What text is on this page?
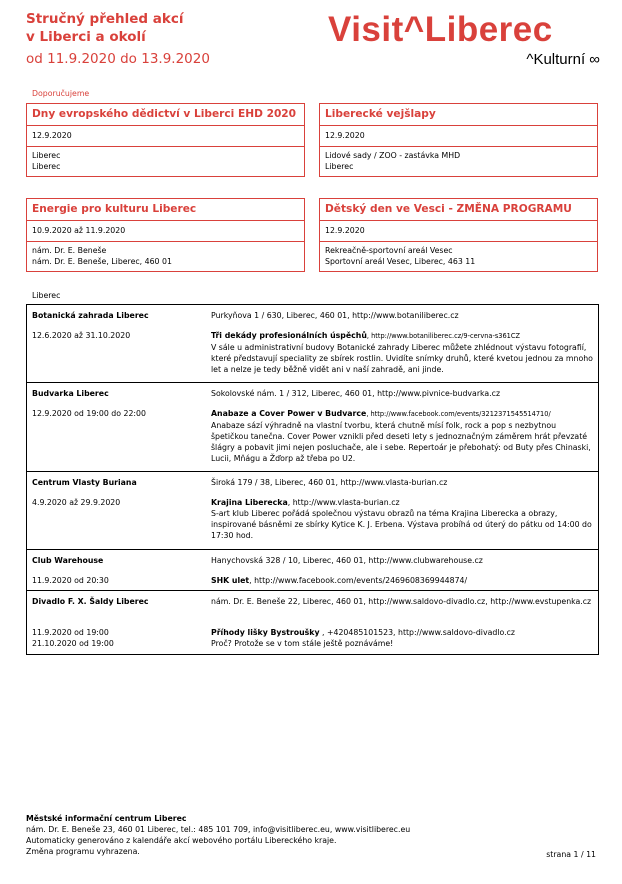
Stručný přehled akcí
v Liberci a okolí
od 11.9.2020 do 13.9.2020
Visit^Liberec
^Kulturní ∞
Doporučujeme
Dny evropského dědictví v Liberci EHD 2020
12.9.2020
Liberec
Liberec
Liberecké vejšlapy
12.9.2020
Lidové sady / ZOO - zastávka MHD
Liberec
Energie pro kulturu Liberec
10.9.2020 až 11.9.2020
nám. Dr. E. Beneše
nám. Dr. E. Beneše, Liberec, 460 01
Dětský den ve Vesci - ZMĚNA PROGRAMU
12.9.2020
Rekreačně-sportovní areál Vesec
Sportovní areál Vesec, Liberec, 463 11
Liberec
Botanická zahrada Liberec
12.6.2020 až 31.10.2020
Purkyňova 1 / 630, Liberec, 460 01, http://www.botaniliberec.cz
Tři dekády profesionálních úspěchů, http://www.botaniliberec.cz/9-cervna-s361CZ
V sále u administrativní budovy Botanické zahrady Liberec můžete zhlédnout výstavu fotografií, které představují speciality ze sbírek rostlin. Uvidíte snímky druhů, které kvetou jednou za mnoho let a nelze je tedy běžně vidět ani v naší zahradě, ani jinde.
Budvarka Liberec
12.9.2020 od 19:00 do 22:00
Sokolovské nám. 1 / 312, Liberec, 460 01, http://www.pivnice-budvarka.cz
Anabaze a Cover Power v Budvarce, http://www.facebook.com/events/3212371545514710/
Anabaze sází výhradně na vlastní tvorbu, která chutně mísí folk, rock a pop s nezbytnou špetičkou tanečna. Cover Power vznikli před deseti lety s jednoznačným záměrem hrát převzaté šlágry a pobavit jimi nejen posluchače, ale i sebe. Repertoár je přebohatý: od Buty přes Chinaski, Lucii, Mňágu a Žďorp až třeba po U2.
Centrum Vlasty Buriana
4.9.2020 až 29.9.2020
Široká 179 / 38, Liberec, 460 01, http://www.vlasta-burian.cz
Krajina Liberecka, http://www.vlasta-burian.cz
S-art klub Liberec pořádá společnou výstavu obrazů na téma Krajina Liberecka a obrazy, inspirované básněmi ze sbírky Kytice K. J. Erbena. Výstava probíhá od úterý do pátku od 14:00 do 17:30 hod.
Club Warehouse
11.9.2020 od 20:30
Hanychovská 328 / 10, Liberec, 460 01, http://www.clubwarehouse.cz
SHK ulet, http://www.facebook.com/events/2469608369944874/
Divadlo F. X. Šaldy Liberec
11.9.2020 od 19:00
21.10.2020 od 19:00
nám. Dr. E. Beneše 22, Liberec, 460 01, http://www.saldovo-divadlo.cz, http://www.evstupenka.cz
Příhody lišky Bystroušky , +420485101523, http://www.saldovo-divadlo.cz
Proč? Protože se v tom stále ještě poznáváme!
Městské informační centrum Liberec
nám. Dr. E. Beneše 23, 460 01 Liberec, tel.: 485 101 709, info@visitliberec.eu, www.visitliberec.eu
Automaticky generováno z kalendáře akcí webového portálu Libereckého kraje.
Změna programu vyhrazena.	strana 1 / 11
